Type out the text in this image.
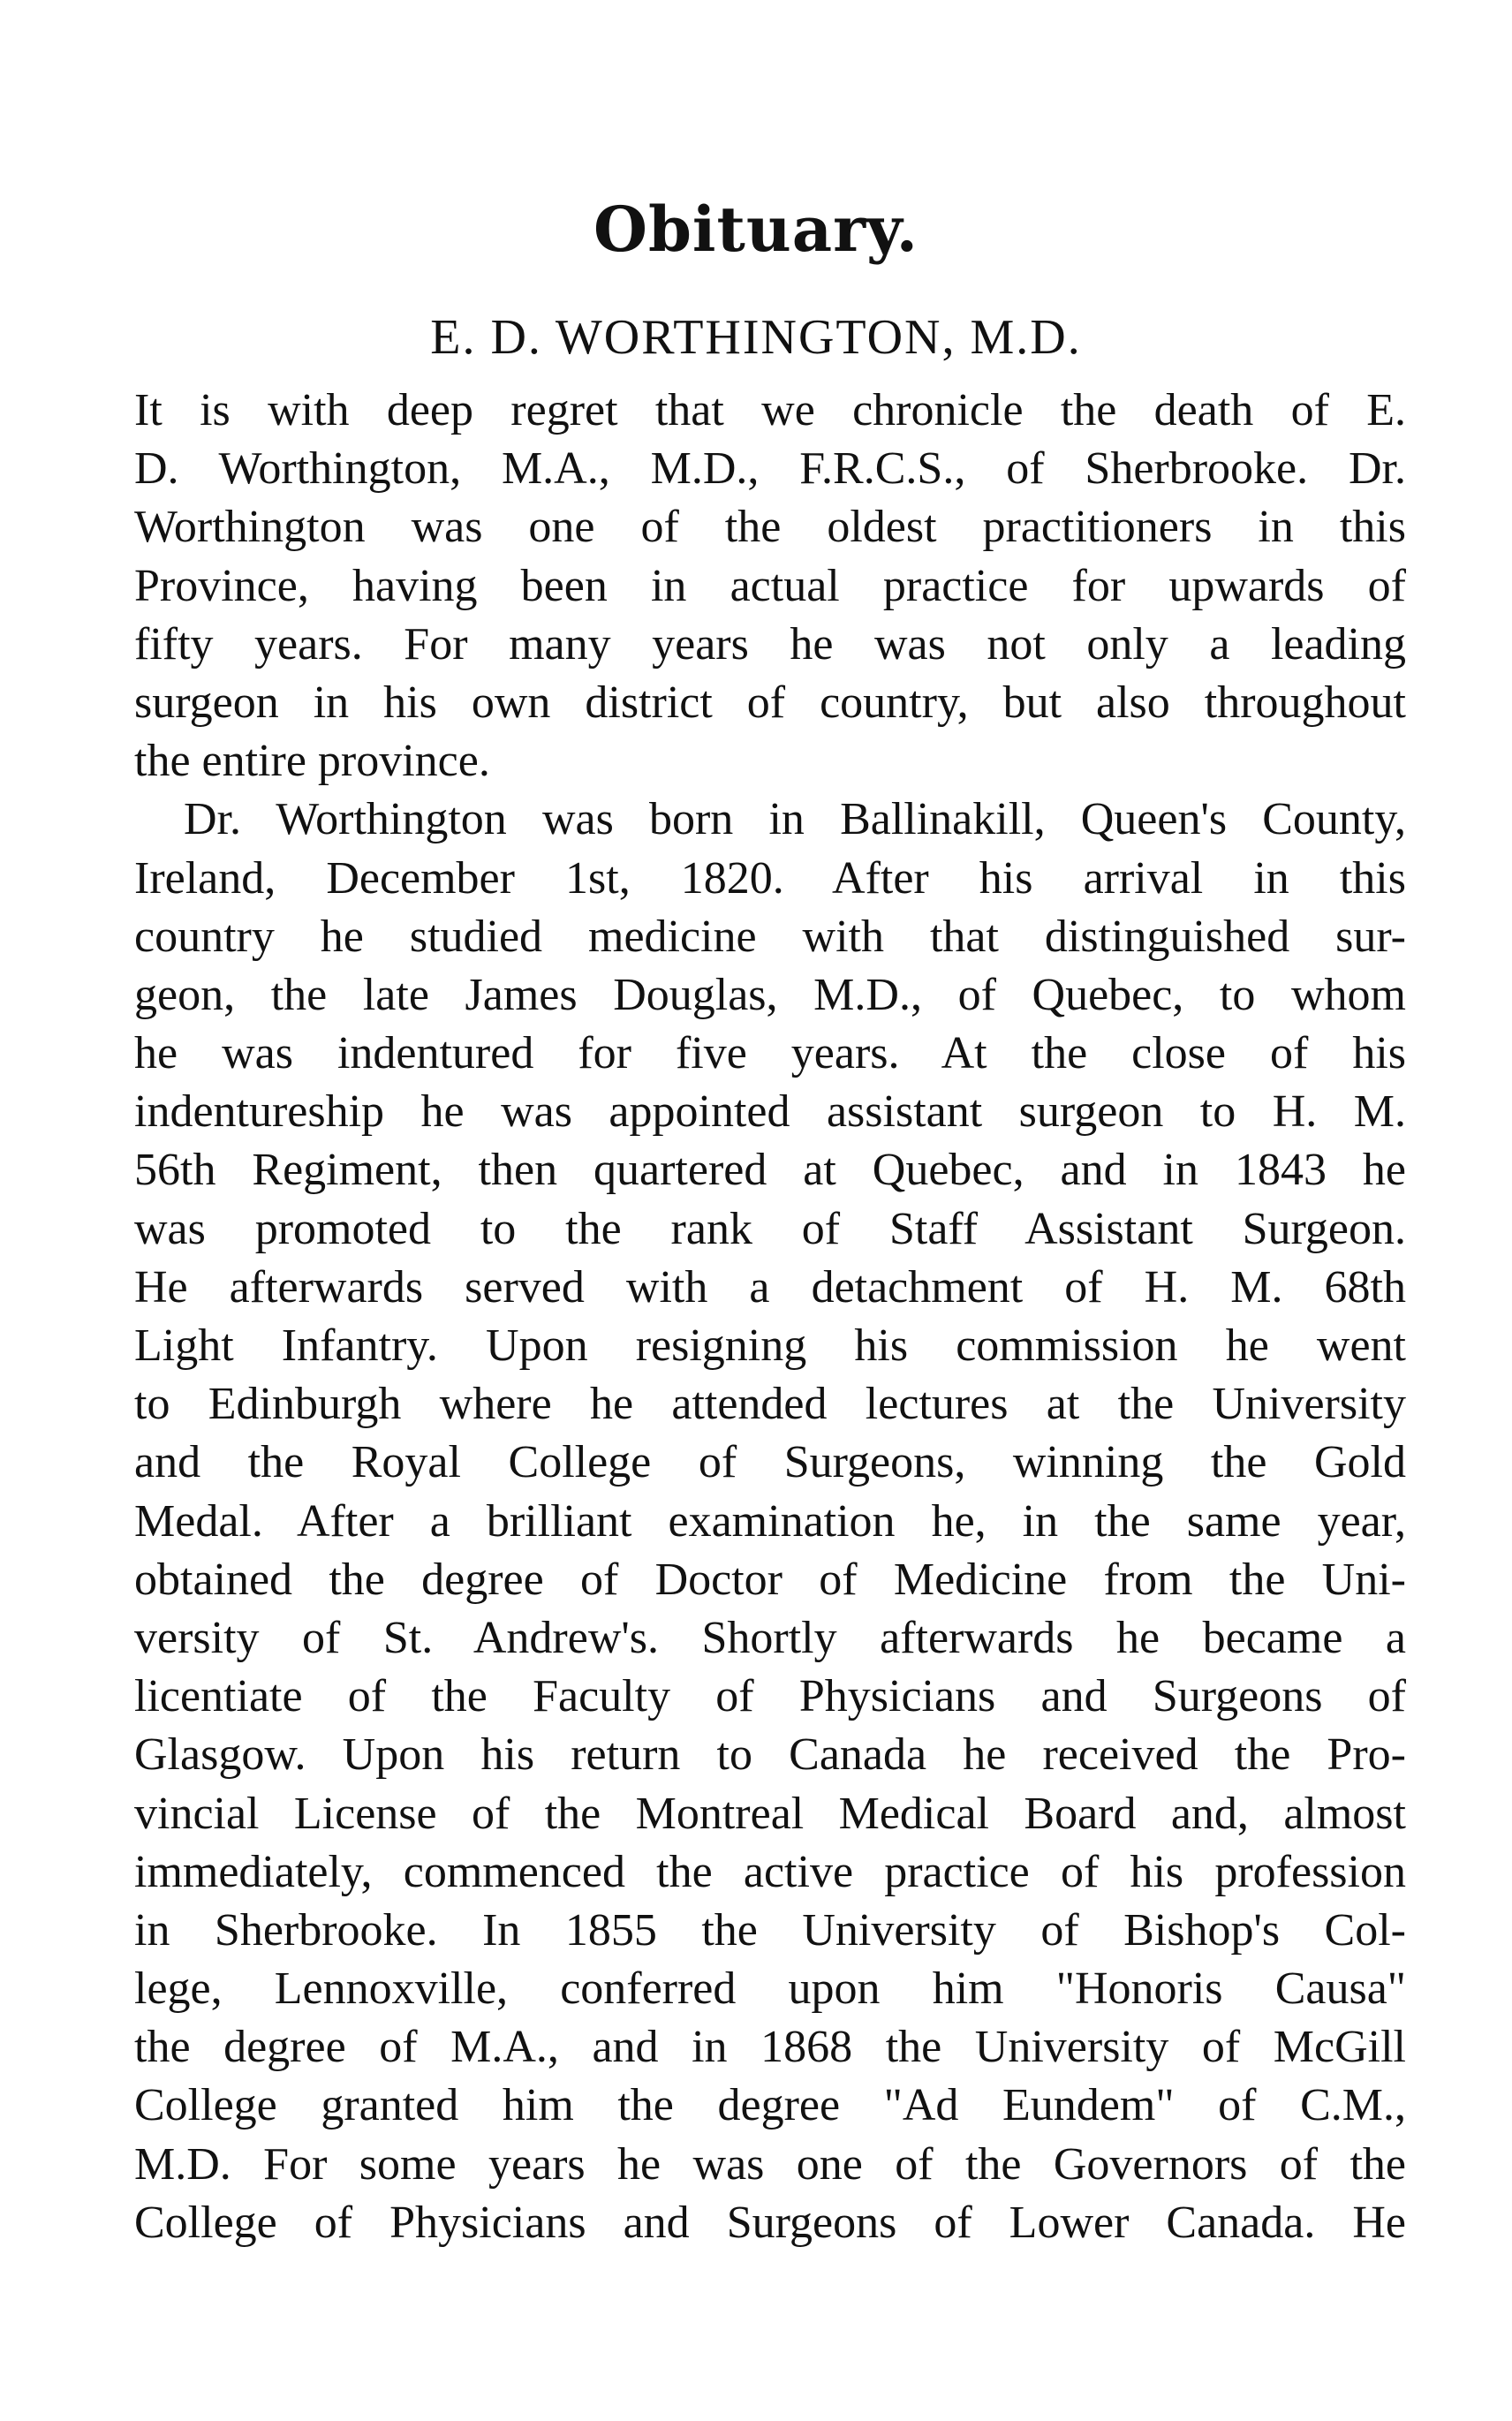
Obituary.
E. D. WORTHINGTON, M.D.
It is with deep regret that we chronicle the death of E.
D. Worthington, M.A., M.D., F.R.C.S., of Sherbrooke. Dr.
Worthington was one of the oldest practitioners in this
Province, having been in actual practice for upwards of
fifty years. For many years he was not only a leading
surgeon in his own district of country, but also throughout
the entire province.
Dr. Worthington was born in Ballinakill, Queen's County,
Ireland, December 1st, 1820. After his arrival in this
country he studied medicine with that distinguished sur-
geon, the late James Douglas, M.D., of Quebec, to whom
he was indentured for five years. At the close of his
indentureship he was appointed assistant surgeon to H. M.
56th Regiment, then quartered at Quebec, and in 1843 he
was promoted to the rank of Staff Assistant Surgeon.
He afterwards served with a detachment of H. M. 68th
Light Infantry. Upon resigning his commission he went
to Edinburgh where he attended lectures at the University
and the Royal College of Surgeons, winning the Gold
Medal. After a brilliant examination he, in the same year,
obtained the degree of Doctor of Medicine from the Uni-
versity of St. Andrew's. Shortly afterwards he became a
licentiate of the Faculty of Physicians and Surgeons of
Glasgow. Upon his return to Canada he received the Pro-
vincial License of the Montreal Medical Board and, almost
immediately, commenced the active practice of his profession
in Sherbrooke. In 1855 the University of Bishop's Col-
lege, Lennoxville, conferred upon him "Honoris Causa"
the degree of M.A., and in 1868 the University of McGill
College granted him the degree "Ad Eundem" of C.M.,
M.D. For some years he was one of the Governors of the
College of Physicians and Surgeons of Lower Canada. He
